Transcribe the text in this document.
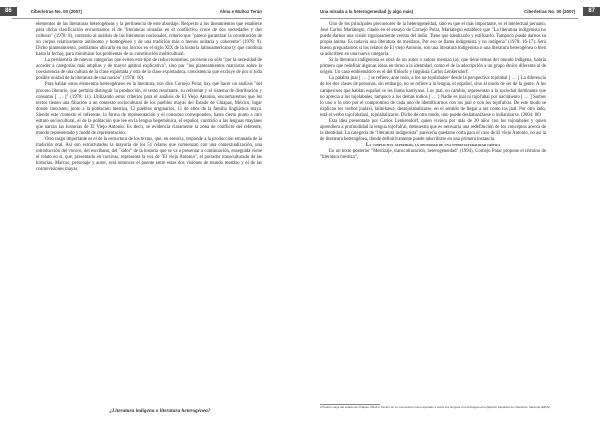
86	Ciberletras No. 00 (2007)	Alma e Muñoz Terán

elementos de las literaturas heterogéneas y la pertinencia de este abordaje. Respecto a los lineamientos que establece para dicha clasificación encontramos el de "literaturas situadas en el conflictivo cruce de dos sociedades y dos culturas" (1978: 8), contrario al análisis de las literaturas nacionales, criterio que "parece garantizar la constitución de un corpus relativamente autónomo y homogéneo y de una tradición más o menos unitaria y coherente" (1978: 9). Dicho planteamiento, podríamos ubicarlo en sus inicios en el siglo XIX de la historia latinoamericana (y que continúa hasta la fecha), para minimizar los problemas de su constitución multicultural.

La pertinencia de nuevas categorías que eviten este tipo de reduccionismos, proviene no sólo "por la necesidad de acceder a categorías más amplias y de mayor aptitud explicativa", sino por "los planteamientos marxistas sobre la coexistencia de una cultura de la clase explotada y otra de la clase explotadora, coexistencia que excluye de por sí toda posible unidad de la literatura de una nación" (1978: 10).

Para hablar estos elementos heterogéneos en la literatura, nos dice Cornejo Polar, hay que hacer un análisis "del proceso literario, que permita distinguir la producción, el texto resultante, su referente y el sistema de distribución y consumo [ … ]" (1978: 11). Utilizando estos criterios para el análisis de El Viejo Antonio, encontraremos que los textos tienen una filiación a un contexto sociocultural de los pueblos mayas del Estado de Chiapas, México, lugar donde coexisten, junto a la población mestiza, 12 pueblos originarios, 11 de ellos de la familia lingüística maya. Siendo este contexto el referente, la forma de representación y el consumo corresponden, hasta cierto punto a otro estrato sociocultural, el de la población que lee en la lengua hegemónica, el español, contrario a las lenguas mayanes que narran las historias de El Viejo Antonio. Es decir, se evidencia claramente la zona de conflicto del referente, mundo representado y modo de representación.

Otro rasgo importante es el de la estructura de los textos, que, en esencia, responde a la producción emanada de la tradición oral. Así son estructurados la mayoría de los 51 relatos que comienzan con una contextualización, una introducción del vocero, del escribano, del "sidor" de la historia que se va a presentar a continuación, enseguida viene el relato en sí, que, presentado en cursivas, representa la voz de "El viejo Antonio", el portador transculturado de las historias. Marcos, personaje y autor, será entonces el puente entre estas dos visiones de mundo mestizo y el de las cosmovisiones mayas.

¿Literatura indígena o literatura heterogénea?
Una mirada a la heterogeneidad (y algo más)	Ciberletras No. 00 (2007)	87

Uno de los principales precursores de la heterogeneidad, sino es que el más importante, es el intelectual peruano, José Carlos Mariátegui, citado en el ensayo de Cornejo Polar, Mariátegui establece que "La literatura indigenista no puede darnos una visión rigurosamente verista del indio. Tiene que idealizarlo y estilizarlo. Tampoco puede darnos su propia ánima. Es todavía una literatura de mestizos. Por eso se llama indigenista y no indígena" (1978: 16-17). Será bueno preguntarnos si los relatos de El viejo Antonio, son una literatura indigenista o una literatura heterogénea o bien se adscriben en una nueva categoría.

Si la literatura indigenista es obra de un autor o autora mestizo (a), que tiene temas del mundo indígena, habría primero que redefinir algunas ideas en torno a la identidad, como el de la adscripción a un grupo étnico diferente al de origen. Un caso emblemático es el del filósofo y lingüista Carlos Lenkersdorf.

La palabra jnal [ … ] se refiere, ante todo, a los no tojolabales² desde la perspectiva tojolabal [ … ] La diferencia de los dos clases de personas, sin embargo, no se refiere a la lengua, el español, sino al modo de ser de la gente. A los campesinos que hablan español se les llama kastiyano. Los jnal, en cambio, representan a la sociedad dominante que no aprecia a los tojolabales, tampoco a los demás indios [ … ] Nadie es jnal ni tojol'abal por nacimiento [ … ] Somos lo uno o lo otro por el compromiso de cada uno de identificarnos con los jnal o con los tojol'ab'al. De este modo se explican los verbos jnalaxi, lailnikawe, destojolabalizarse, en el sentido de llegar a ser como los jnal. Por otro lado, está el verbo tojol'abalaxi, tojolabalizarse. Dicho de otro modo, uno puede deshabanizarse o indianizarse. (2004: 86)

Esta idea presentada por Carlos Lenkersdorf, quien viviera por más de 20 años con los tojolabales y quien aprendiera a profundidad la lengua tojol'ab'al, demuestra que es necesaria una redefinición de los conceptos acerca de la identidad. La categoría de "literatura indigenista" parecería quedarse corta para el caso de El viejo Antonio, no así la de literatura heterogénea, donde definitivamente puede adscribirse en una primera instancia.

La conflictiva alteridad, la necesidad de una interculturalidad crítica

En un texto posterior "Mestizaje, transculturación, heterogeneidad" (1994), Cornejo Polar propone el término de "literatura mestiza",

2 Pueblo maya del estado de Chiapas, México. Dentro de su cosmovisión tiene aportado a todos sus lenguas a la deshegemonía (Ejército Zapatista de Liberación Nacional (EZLN).
